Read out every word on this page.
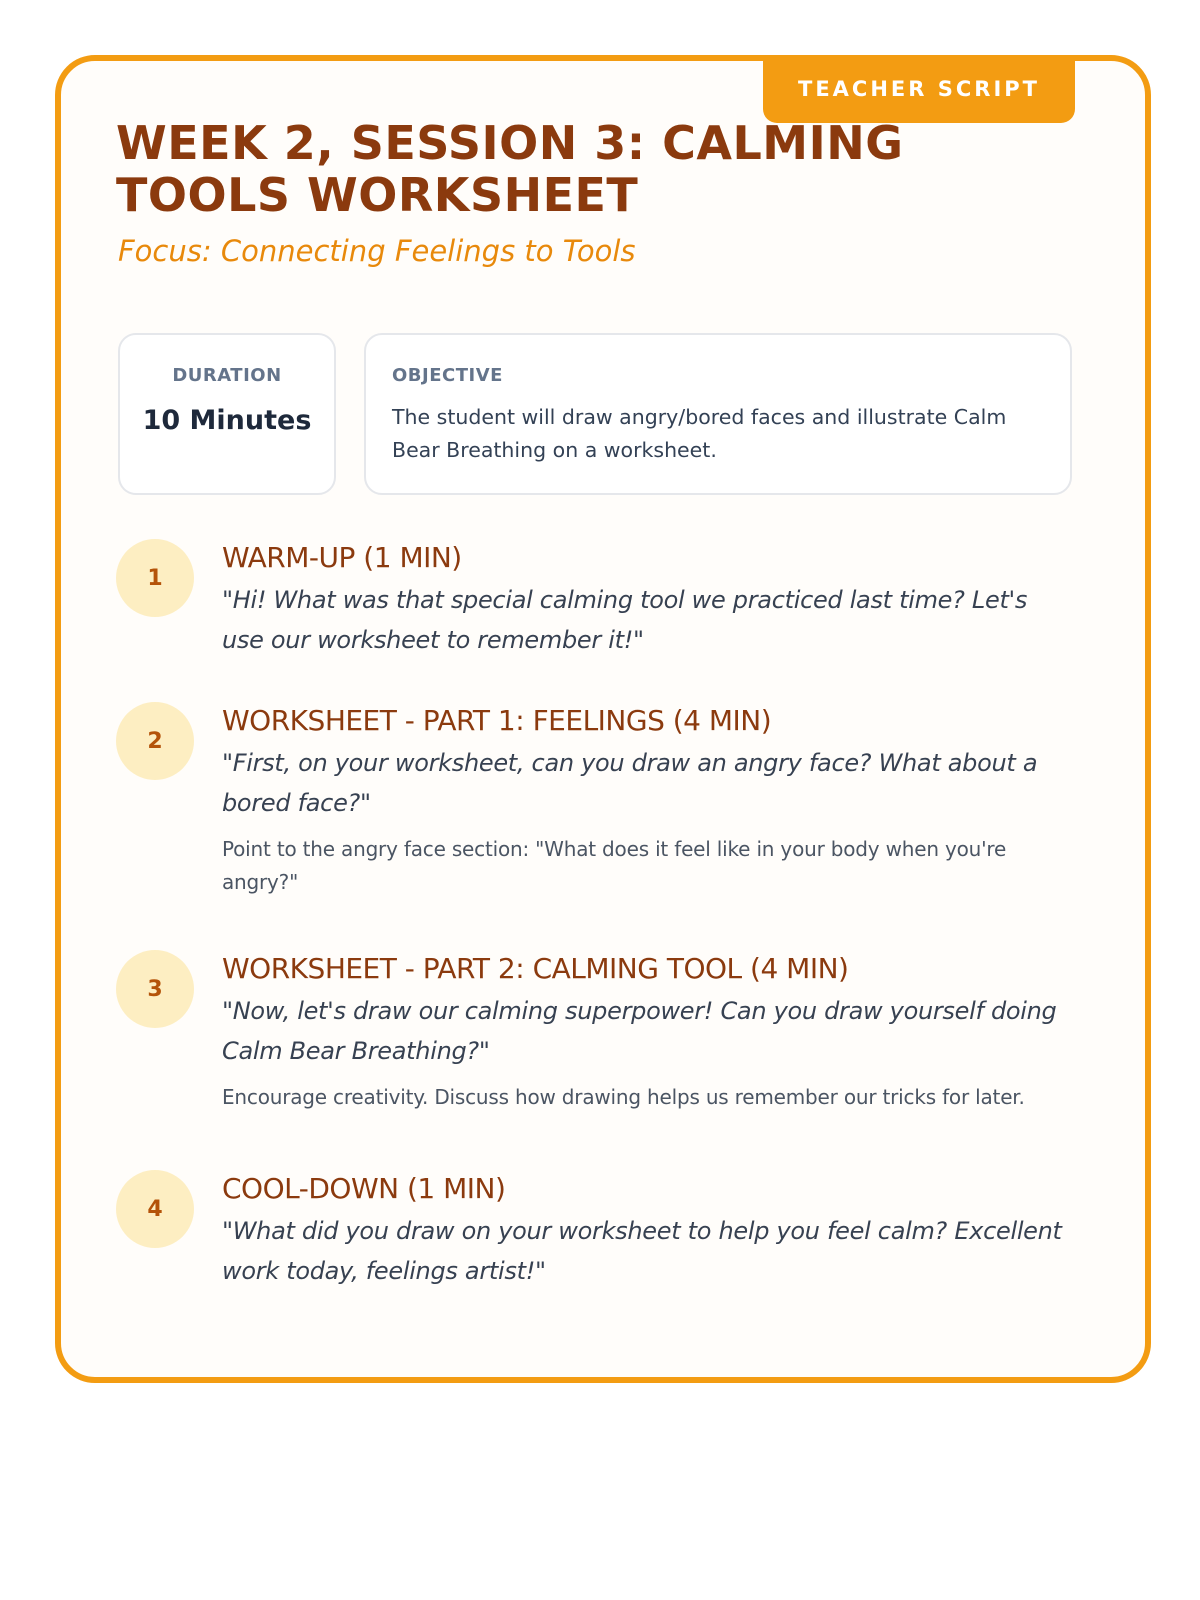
TEACHER SCRIPT
WEEK 2, SESSION 3: CALMING TOOLS WORKSHEET
Focus: Connecting Feelings to Tools
DURATION
10 Minutes
OBJECTIVE
The student will draw angry/bored faces and illustrate Calm Bear Breathing on a worksheet.
1
WARM-UP (1 MIN)
"Hi! What was that special calming tool we practiced last time? Let's use our worksheet to remember it!"
2
WORKSHEET - PART 1: FEELINGS (4 MIN)
"First, on your worksheet, can you draw an angry face? What about a bored face?"
Point to the angry face section: "What does it feel like in your body when you're angry?"
3
WORKSHEET - PART 2: CALMING TOOL (4 MIN)
"Now, let's draw our calming superpower! Can you draw yourself doing Calm Bear Breathing?"
Encourage creativity. Discuss how drawing helps us remember our tricks for later.
4
COOL-DOWN (1 MIN)
"What did you draw on your worksheet to help you feel calm? Excellent work today, feelings artist!"
